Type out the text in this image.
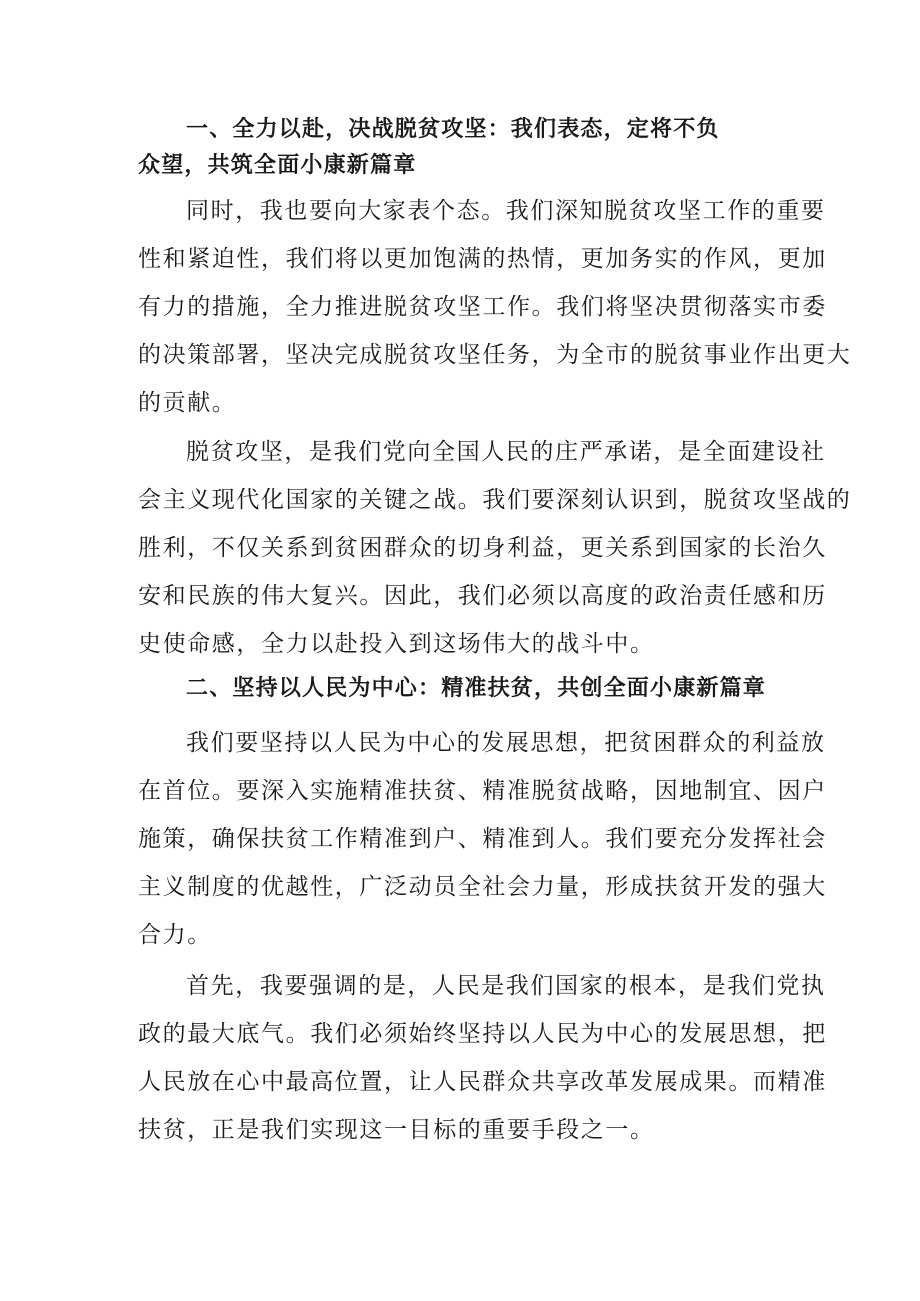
一、全力以赴，决战脱贫攻坚：我们表态，定将不负
众望，共筑全面小康新篇章

同时，我也要向大家表个态。我们深知脱贫攻坚工作的重要
性和紧迫性，我们将以更加饱满的热情，更加务实的作风，更加
有力的措施，全力推进脱贫攻坚工作。我们将坚决贯彻落实市委
的决策部署，坚决完成脱贫攻坚任务，为全市的脱贫事业作出更大
的贡献。

脱贫攻坚，是我们党向全国人民的庄严承诺，是全面建设社
会主义现代化国家的关键之战。我们要深刻认识到，脱贫攻坚战的
胜利，不仅关系到贫困群众的切身利益，更关系到国家的长治久
安和民族的伟大复兴。因此，我们必须以高度的政治责任感和历
史使命感，全力以赴投入到这场伟大的战斗中。

二、坚持以人民为中心：精准扶贫，共创全面小康新篇章

我们要坚持以人民为中心的发展思想，把贫困群众的利益放
在首位。要深入实施精准扶贫、精准脱贫战略，因地制宜、因户
施策，确保扶贫工作精准到户、精准到人。我们要充分发挥社会
主义制度的优越性，广泛动员全社会力量，形成扶贫开发的强大
合力。

首先，我要强调的是，人民是我们国家的根本，是我们党执
政的最大底气。我们必须始终坚持以人民为中心的发展思想，把
人民放在心中最高位置，让人民群众共享改革发展成果。而精准
扶贫，正是我们实现这一目标的重要手段之一。
